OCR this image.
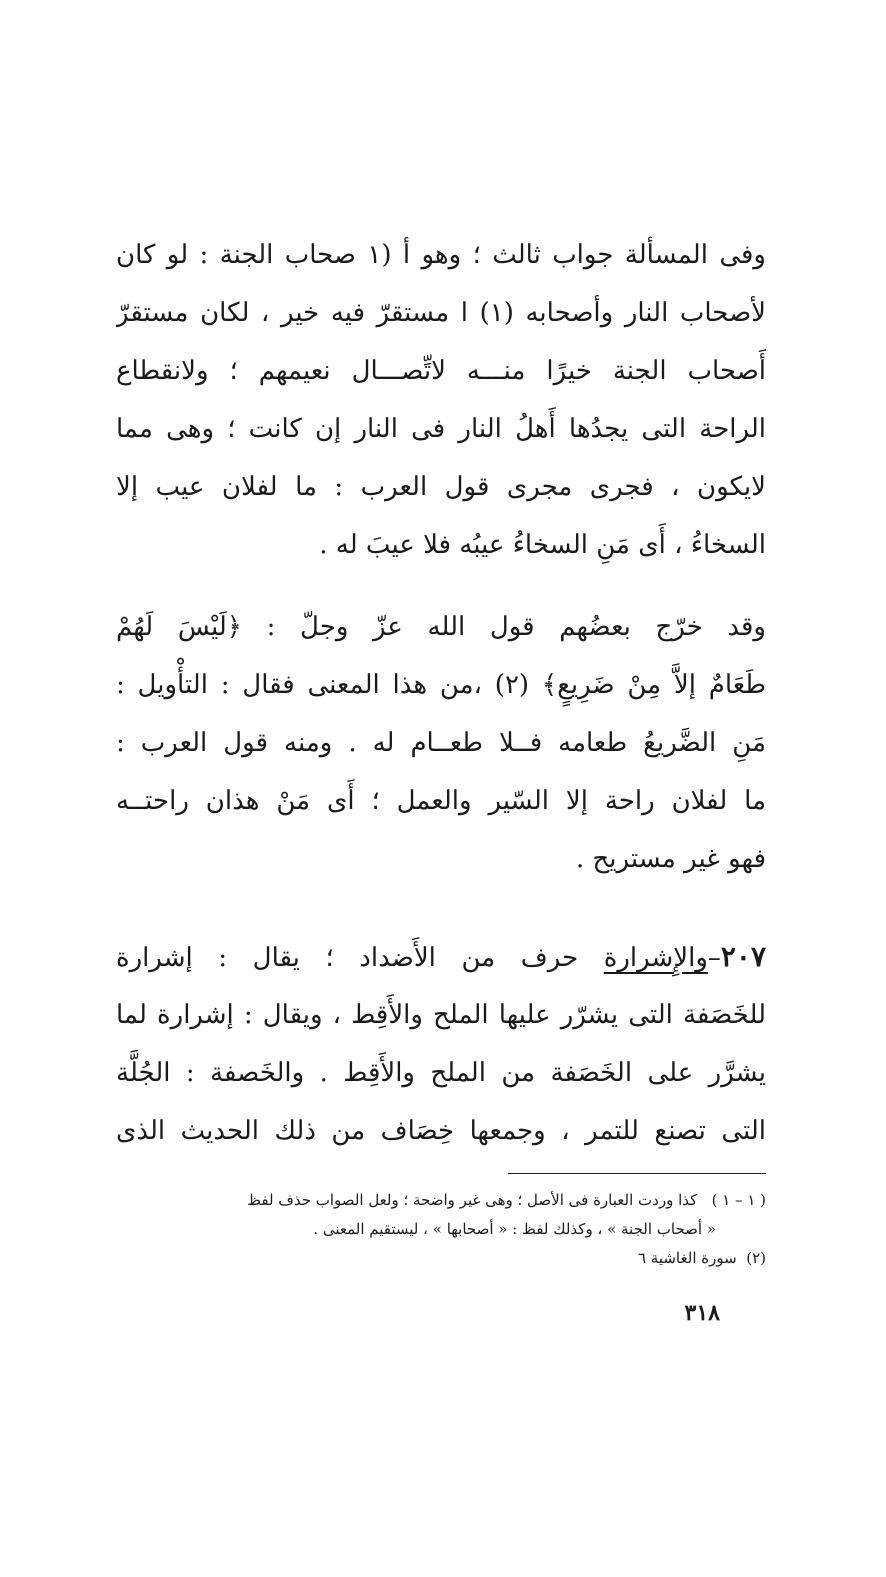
وفى المسألة جواب ثالث ؛ وهو أ (١ صحاب الجنة : لو كان
لأصحاب النار وأصحابه (١) ا مستقرّ فيه خير ، لكان مستقرّ
أَصحاب الجنة خيرًا منـــه لاتِّصـــال نعيمهم ؛ ولانقطاع
الراحة التى يجدُها أَهلُ النار فى النار إن كانت ؛ وهى مما
لايكون ، فجرى مجرى قول العرب : ما لفلان عيب إلا
السخاءُ ، أَى مَنِ السخاءُ عيبُه فلا عيبَ له .
وقد خرّج بعضُهم قول الله عزّ وجلّ : ﴿لَيْسَ لَهُمْ
طَعَامٌ إلاَّ مِنْ ضَرِيعٍ﴾ (٢) ،من هذا المعنى فقال : التأْويل :
مَنِ الضَّريعُ طعامه فــلا طعــام له . ومنه قول العرب :
ما لفلان راحة إلا السّير والعمل ؛ أَى مَنْ هذان راحتــه
فهو غير مستريح .
٢٠٧–والإِشرارة حرف من الأَضداد ؛ يقال : إشرارة
للخَصَفة التى يشرّر عليها الملح والأَقِط ، ويقال : إشرارة لما
يشرَّر على الخَصَفة من الملح والأَقِط . والخَصفة : الجُلَّة
التى تصنع للتمر ، وجمعها خِصَاف من ذلك الحديث الذى
( ١ – ١ )   كذا وردت العبارة فى الأصل ؛ وهى غير واضحة ؛ ولعل الصواب حذف لفظ
« أصحاب الجنة » ، وكذلك لفظ : « أصحابها » ، ليستقيم المعنى .
(٢)  سورة الغاشية ٦
٣١٨
